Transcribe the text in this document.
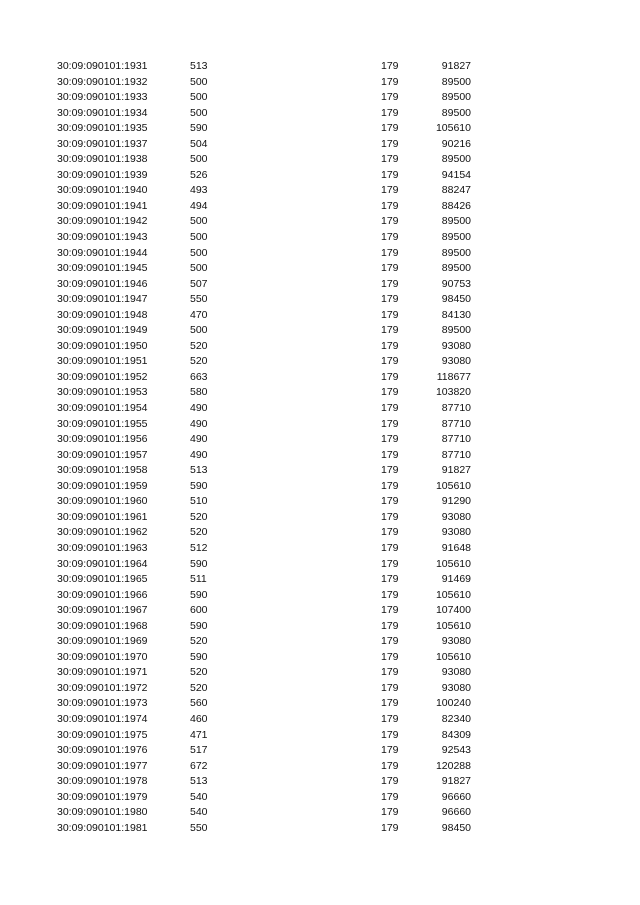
30:09:090101:1931	513	179	91827
30:09:090101:1932	500	179	89500
30:09:090101:1933	500	179	89500
30:09:090101:1934	500	179	89500
30:09:090101:1935	590	179	105610
30:09:090101:1937	504	179	90216
30:09:090101:1938	500	179	89500
30:09:090101:1939	526	179	94154
30:09:090101:1940	493	179	88247
30:09:090101:1941	494	179	88426
30:09:090101:1942	500	179	89500
30:09:090101:1943	500	179	89500
30:09:090101:1944	500	179	89500
30:09:090101:1945	500	179	89500
30:09:090101:1946	507	179	90753
30:09:090101:1947	550	179	98450
30:09:090101:1948	470	179	84130
30:09:090101:1949	500	179	89500
30:09:090101:1950	520	179	93080
30:09:090101:1951	520	179	93080
30:09:090101:1952	663	179	118677
30:09:090101:1953	580	179	103820
30:09:090101:1954	490	179	87710
30:09:090101:1955	490	179	87710
30:09:090101:1956	490	179	87710
30:09:090101:1957	490	179	87710
30:09:090101:1958	513	179	91827
30:09:090101:1959	590	179	105610
30:09:090101:1960	510	179	91290
30:09:090101:1961	520	179	93080
30:09:090101:1962	520	179	93080
30:09:090101:1963	512	179	91648
30:09:090101:1964	590	179	105610
30:09:090101:1965	511	179	91469
30:09:090101:1966	590	179	105610
30:09:090101:1967	600	179	107400
30:09:090101:1968	590	179	105610
30:09:090101:1969	520	179	93080
30:09:090101:1970	590	179	105610
30:09:090101:1971	520	179	93080
30:09:090101:1972	520	179	93080
30:09:090101:1973	560	179	100240
30:09:090101:1974	460	179	82340
30:09:090101:1975	471	179	84309
30:09:090101:1976	517	179	92543
30:09:090101:1977	672	179	120288
30:09:090101:1978	513	179	91827
30:09:090101:1979	540	179	96660
30:09:090101:1980	540	179	96660
30:09:090101:1981	550	179	98450
